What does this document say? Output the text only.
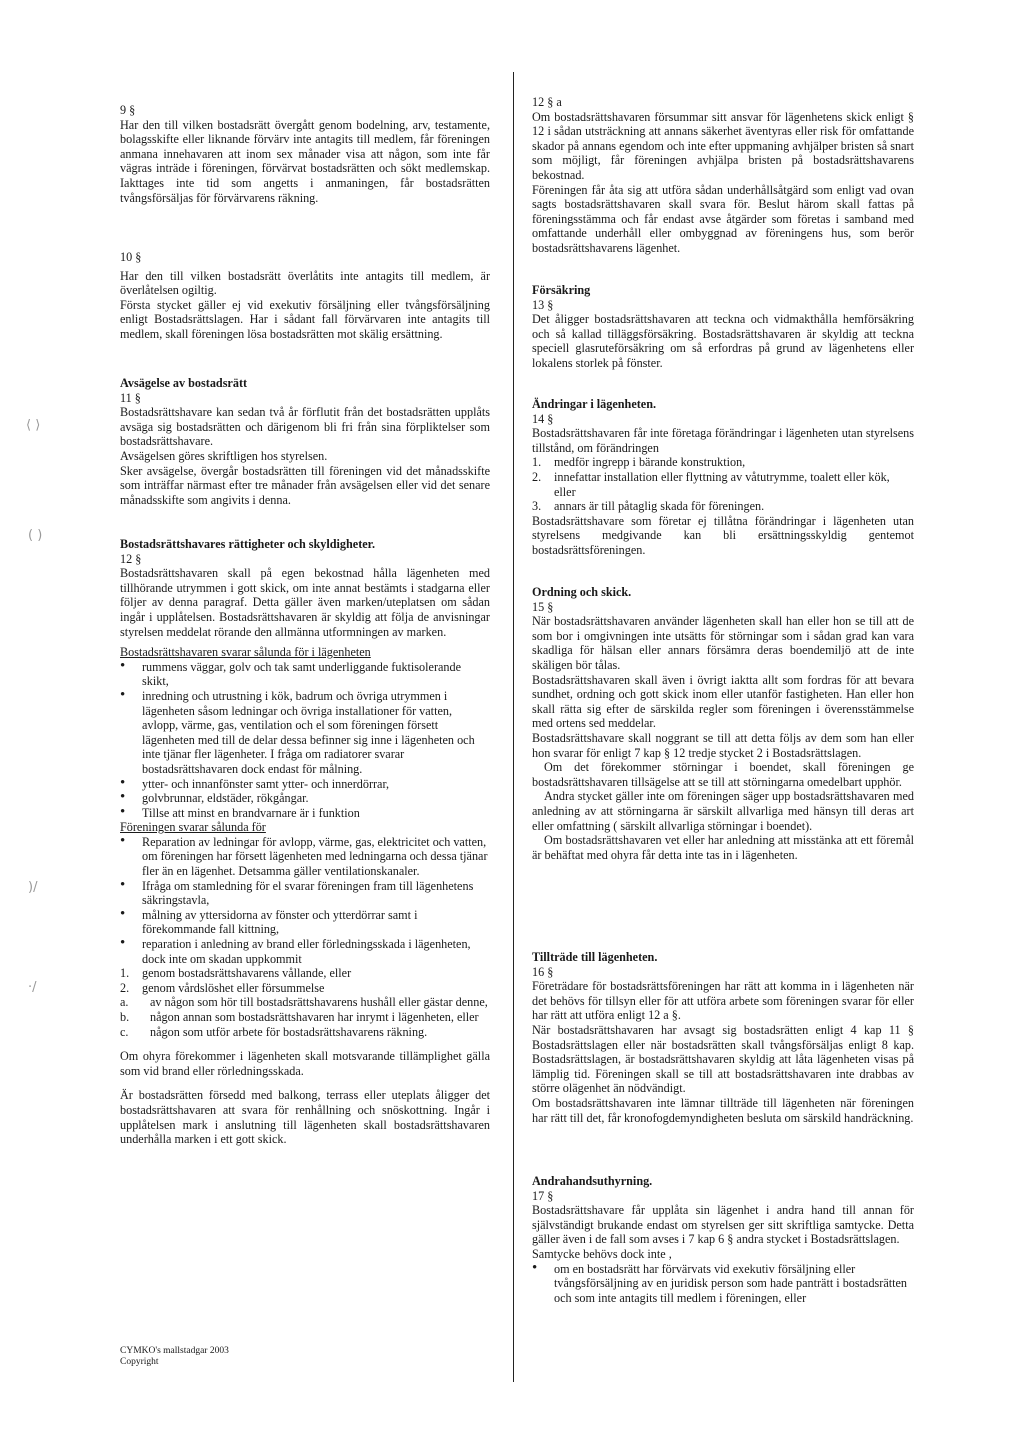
⟨ ⟩
( )
)/
·/

9 §

Har den till vilken bostadsrätt övergått genom bodelning, arv, testamente, bolagsskifte eller liknande förvärv inte antagits till medlem, får föreningen anmana innehavaren att inom sex månader visa att någon, som inte får vägras inträde i föreningen, förvärvat bostadsrätten och sökt medlemskap. Iakttages inte tid som angetts i anmaningen, får bostadsrätten tvångsförsäljas för förvärvarens räkning.

10 §

Har den till vilken bostadsrätt överlåtits inte antagits till medlem, är överlåtelsen ogiltig.

Första stycket gäller ej vid exekutiv försäljning eller tvångsförsäljning enligt Bostadsrättslagen. Har i sådant fall förvärvaren inte antagits till medlem, skall föreningen lösa bostadsrätten mot skälig ersättning.

Avsägelse av bostadsrätt

11 §

Bostadsrättshavare kan sedan två år förflutit från det bostadsrätten upplåts avsäga sig bostadsrätten och därigenom bli fri från sina förpliktelser som bostadsrättshavare.

Avsägelsen göres skriftligen hos styrelsen.

Sker avsägelse, övergår bostadsrätten till föreningen vid det månadsskifte som inträffar närmast efter tre månader från avsägelsen eller vid det senare månadsskifte som angivits i denna.

Bostadsrättshavares rättigheter och skyldigheter.

12 §

Bostadsrättshavaren skall på egen bekostnad hålla lägenheten med tillhörande utrymmen i gott skick, om inte annat bestämts i stadgarna eller följer av denna paragraf. Detta gäller även marken/uteplatsen om sådan ingår i upplåtelsen. Bostadsrättshavaren är skyldig att följa de anvisningar styrelsen meddelat rörande den allmänna utformningen av marken.

Bostadsrättshavaren svarar sålunda för i lägenheten

• rummens väggar, golv och tak samt underliggande fuktisolerande skikt,
• inredning och utrustning i kök, badrum och övriga utrymmen i lägenheten såsom ledningar och övriga installationer för vatten, avlopp, värme, gas, ventilation och el som föreningen försett lägenheten med till de delar dessa befinner sig inne i lägenheten och inte tjänar fler lägenheter. I fråga om radiatorer svarar bostadsrättshavaren dock endast för målning.
• ytter- och innanfönster samt ytter- och innerdörrar,
• golvbrunnar, eldstäder, rökgångar.
• Tillse att minst en brandvarnare är i funktion

Föreningen svarar sålunda för

• Reparation av ledningar för avlopp, värme, gas, elektricitet och vatten, om föreningen har försett lägenheten med ledningarna och dessa tjänar fler än en lägenhet. Detsamma gäller ventilationskanaler.
• Ifråga om stamledning för el svarar föreningen fram till lägenhetens säkringstavla,
• målning av yttersidorna av fönster och ytterdörrar samt i förekommande fall kittning,
• reparation i anledning av brand eller förledningsskada i lägenheten, dock inte om skadan uppkommit
1. genom bostadsrättshavarens vållande, eller
2. genom vårdslöshet eller försummelse
a. av någon som hör till bostadsrättshavarens hushåll eller gästar denne,
b. någon annan som bostadsrättshavaren har inrymt i lägenheten, eller
c. någon som utför arbete för bostadsrättshavarens räkning.

Om ohyra förekommer i lägenheten skall motsvarande tillämplighet gälla som vid brand eller rörledningsskada.

Är bostadsrätten försedd med balkong, terrass eller uteplats åligger det bostadsrättshavaren att svara för renhållning och snöskottning. Ingår i upplåtelsen mark i anslutning till lägenheten skall bostadsrättshavaren underhålla marken i ett gott skick.

CYMKO's mallstadgar 2003

Copyright

12 § a

Om bostadsrättshavaren försummar sitt ansvar för lägenhetens skick enligt § 12 i sådan utsträckning att annans säkerhet äventyras eller risk för omfattande skador på annans egendom och inte efter uppmaning avhjälper bristen så snart som möjligt, får föreningen avhjälpa bristen på bostadsrättshavarens bekostnad.

Föreningen får åta sig att utföra sådan underhållsåtgärd som enligt vad ovan sagts bostadsrättshavaren skall svara för. Beslut härom skall fattas på föreningsstämma och får endast avse åtgärder som företas i samband med omfattande underhåll eller ombyggnad av föreningens hus, som berör bostadsrättshavarens lägenhet.

Försäkring

13 §

Det åligger bostadsrättshavaren att teckna och vidmakthålla hemförsäkring och så kallad tilläggsförsäkring. Bostadsrättshavaren är skyldig att teckna speciell glasruteförsäkring om så erfordras på grund av lägenhetens eller lokalens storlek på fönster.

Ändringar i lägenheten.

14 §

Bostadsrättshavaren får inte företaga förändringar i lägenheten utan styrelsens tillstånd, om förändringen

1. medför ingrepp i bärande konstruktion,
2. innefattar installation eller flyttning av våtutrymme, toalett eller kök, eller
3. annars är till påtaglig skada för föreningen.

Bostadsrättshavare som företar ej tillåtna förändringar i lägenheten utan styrelsens medgivande kan bli ersättningsskyldig gentemot bostadsrättsföreningen.

Ordning och skick.

15 §

När bostadsrättshavaren använder lägenheten skall han eller hon se till att de som bor i omgivningen inte utsätts för störningar som i sådan grad kan vara skadliga för hälsan eller annars försämra deras boendemiljö att de inte skäligen bör tålas.

Bostadsrättshavaren skall även i övrigt iaktta allt som fordras för att bevara sundhet, ordning och gott skick inom eller utanför fastigheten. Han eller hon skall rätta sig efter de särskilda regler som föreningen i överensstämmelse med ortens sed meddelar.

Bostadsrättshavare skall noggrant se till att detta följs av dem som han eller hon svarar för enligt 7 kap § 12 tredje stycket 2 i Bostadsrättslagen.

Om det förekommer störningar i boendet, skall föreningen ge bostadsrättshavaren tillsägelse att se till att störningarna omedelbart upphör.

Andra stycket gäller inte om föreningen säger upp bostadsrättshavaren med anledning av att störningarna är särskilt allvarliga med hänsyn till deras art eller omfattning ( särskilt allvarliga störningar i boendet).

Om bostadsrättshavaren vet eller har anledning att misstänka att ett föremål är behäftat med ohyra får detta inte tas in i lägenheten.

Tillträde till lägenheten.

16 §

Företrädare för bostadsrättsföreningen har rätt att komma in i lägenheten när det behövs för tillsyn eller för att utföra arbete som föreningen svarar för eller har rätt att utföra enligt 12 a §.

När bostadsrättshavaren har avsagt sig bostadsrätten enligt 4 kap 11 § Bostadsrättslagen eller när bostadsrätten skall tvångsförsäljas enligt 8 kap. Bostadsrättslagen, är bostadsrättshavaren skyldig att låta lägenheten visas på lämplig tid. Föreningen skall se till att bostadsrättshavaren inte drabbas av större olägenhet än nödvändigt.

Om bostadsrättshavaren inte lämnar tillträde till lägenheten när föreningen har rätt till det, får kronofogdemyndigheten besluta om särskild handräckning.

Andrahandsuthyrning.

17 §

Bostadsrättshavare får upplåta sin lägenhet i andra hand till annan för självständigt brukande endast om styrelsen ger sitt skriftliga samtycke. Detta gäller även i de fall som avses i 7 kap 6 § andra stycket i Bostadsrättslagen.

Samtycke behövs dock inte ,

• om en bostadsrätt har förvärvats vid exekutiv försäljning eller tvångsförsäljning av en juridisk person som hade panträtt i bostadsrätten och som inte antagits till medlem i föreningen, eller
